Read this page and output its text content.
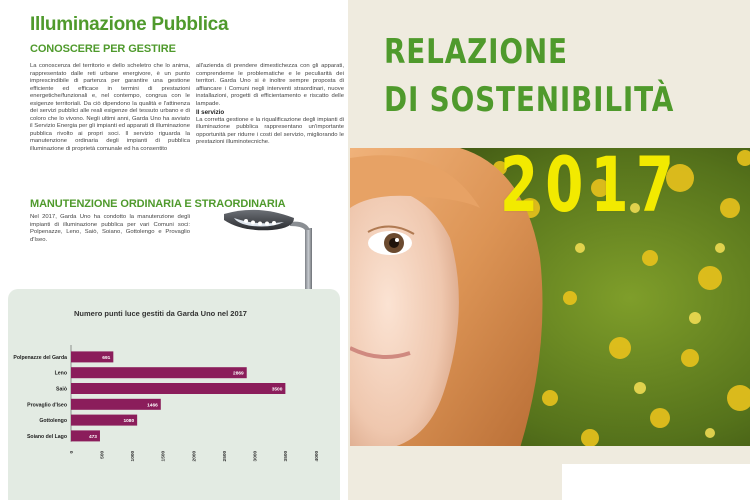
Illuminazione Pubblica
CONOSCERE PER GESTIRE
La conoscenza del territorio e dello scheletro che lo anima, rappresentato dalle reti urbane energivore, è un punto imprescindibile di partenza per garantire una gestione efficiente ed efficace in termini di prestazioni energetiche/funzionali e, nel contempo, congrua con le esigenze territoriali. Da ciò dipendono la qualità e l'attinenza dei servizi pubblici alle reali esigenze del tessuto urbano e di coloro che lo vivono. Negli ultimi anni, Garda Uno ha avviato il Servizio Energia per gli impianti ed apparati di illuminazione pubblica rivolto ai propri soci. Il servizio riguarda la manutenzione ordinaria degli impianti di pubblica illuminazione di proprietà comunale ed ha consentito
all'azienda di prendere dimestichezza con gli apparati, comprenderne le problematiche e le peculiarità dei territori. Garda Uno si è inoltre sempre proposta di affiancare i Comuni negli interventi straordinari, nuove installazioni, progetti di efficientamento e riscatto delle lampade.
Il servizio
La corretta gestione e la riqualificazione degli impianti di illuminazione pubblica rappresentano un'importante opportunità per ridurre i costi del servizio, migliorando le prestazioni illuminotecniche.
MANUTENZIONE ORDINARIA E STRAORDINARIA
Nel 2017, Garda Uno ha condotto la manutenzione degli impianti di illuminazione pubblica per vari Comuni soci: Polpenazze, Leno, Saiò, Soiano, Gottolengo e Provaglio d'Iseo.
Numero punti luce gestiti da Garda Uno nel 2017
Polpenazze del Garda	691
Leno	2869
Saiò	3500
Provaglio d'Iseo	1466
Gottolengo	1080
Soiano del Lago	473
0	500	1000	1500	2000	2500	3000	3500	4000
RELAZIONE
DI SOSTENIBILITÀ
2017
